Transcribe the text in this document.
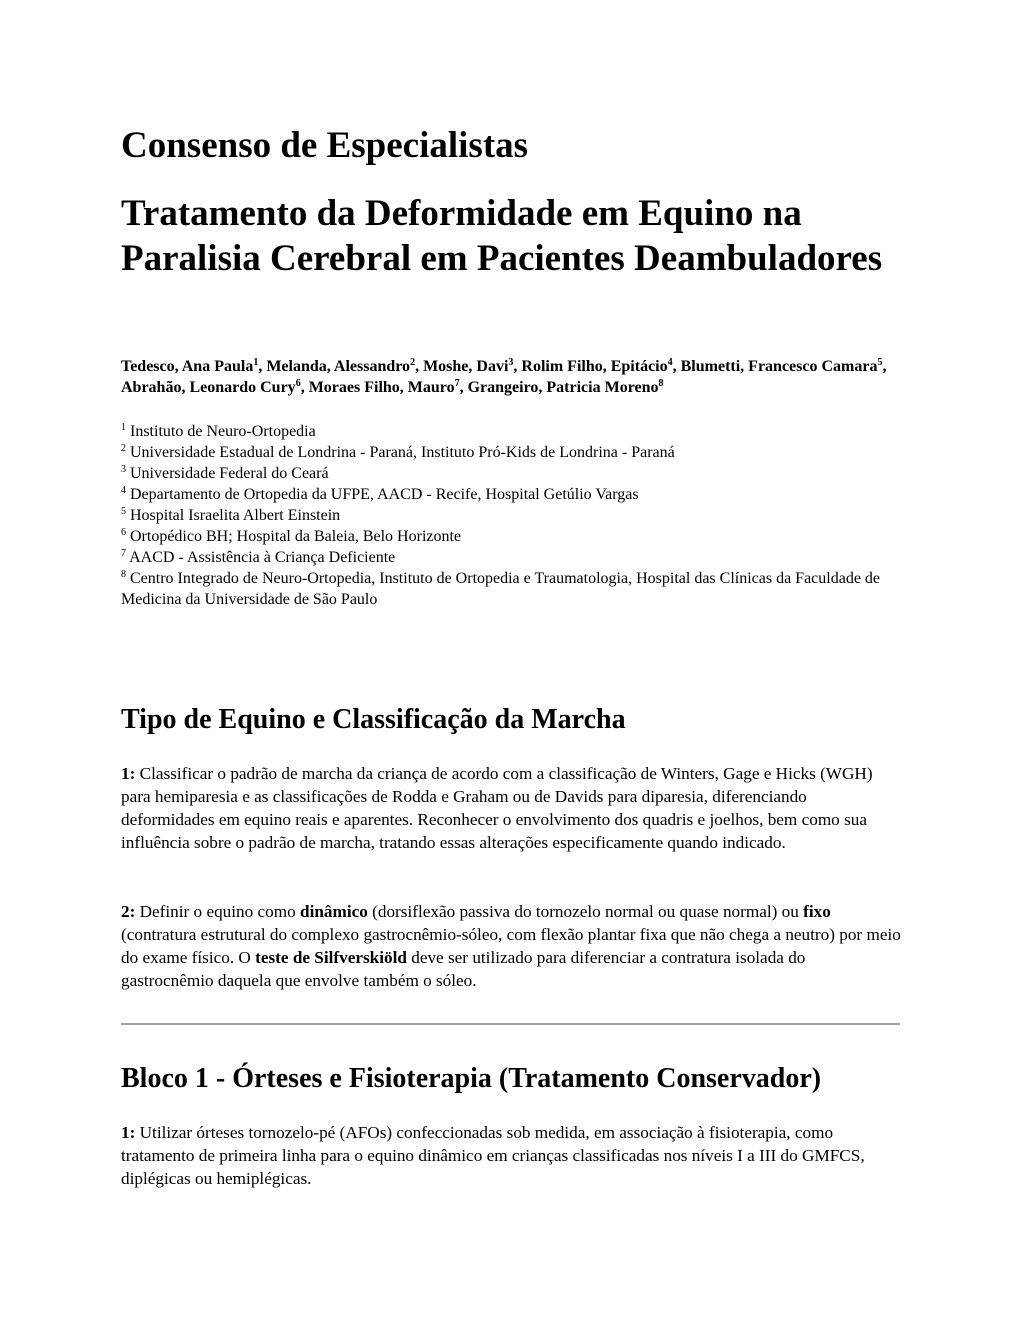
Consenso de Especialistas
Tratamento da Deformidade em Equino na Paralisia Cerebral em Pacientes Deambuladores
Tedesco, Ana Paula$^1$, Melanda, Alessandro$^2$, Moshe, Davi$^3$, Rolim Filho, Epitácio$^4$, Blumetti, Francesco Camara$^5$, Abrahão, Leonardo Cury$^6$, Moraes Filho, Mauro$^7$, Grangeiro, Patricia Moreno$^8$
$^1$ Instituto de Neuro-Ortopedia
$^2$ Universidade Estadual de Londrina - Paraná, Instituto Pró-Kids de Londrina - Paraná
$^3$ Universidade Federal do Ceará
$^4$ Departamento de Ortopedia da UFPE, AACD - Recife, Hospital Getúlio Vargas
$^5$ Hospital Israelita Albert Einstein
$^6$ Ortopédico BH; Hospital da Baleia, Belo Horizonte
$^7$ AACD - Assistência à Criança Deficiente
$^8$ Centro Integrado de Neuro-Ortopedia, Instituto de Ortopedia e Traumatologia, Hospital das Clínicas da Faculdade de Medicina da Universidade de São Paulo
Tipo de Equino e Classificação da Marcha

1: Classificar o padrão de marcha da criança de acordo com a classificação de Winters, Gage e Hicks (WGH) para hemiparesia e as classificações de Rodda e Graham ou de Davids para diparesia, diferenciando deformidades em equino reais e aparentes. Reconhecer o envolvimento dos quadris e joelhos, bem como sua influência sobre o padrão de marcha, tratando essas alterações especificamente quando indicado.

2: Definir o equino como dinâmico (dorsiflexão passiva do tornozelo normal ou quase normal) ou fixo (contratura estrutural do complexo gastrocnêmio-sóleo, com flexão plantar fixa que não chega a neutro) por meio do exame físico. O teste de Silfverskiöld deve ser utilizado para diferenciar a contratura isolada do gastrocnêmio daquela que envolve também o sóleo.

Bloco 1 - Órteses e Fisioterapia (Tratamento Conservador)

1: Utilizar órteses tornozelo-pé (AFOs) confeccionadas sob medida, em associação à fisioterapia, como tratamento de primeira linha para o equino dinâmico em crianças classificadas nos níveis I a III do GMFCS, diplégicas ou hemiplégicas.
